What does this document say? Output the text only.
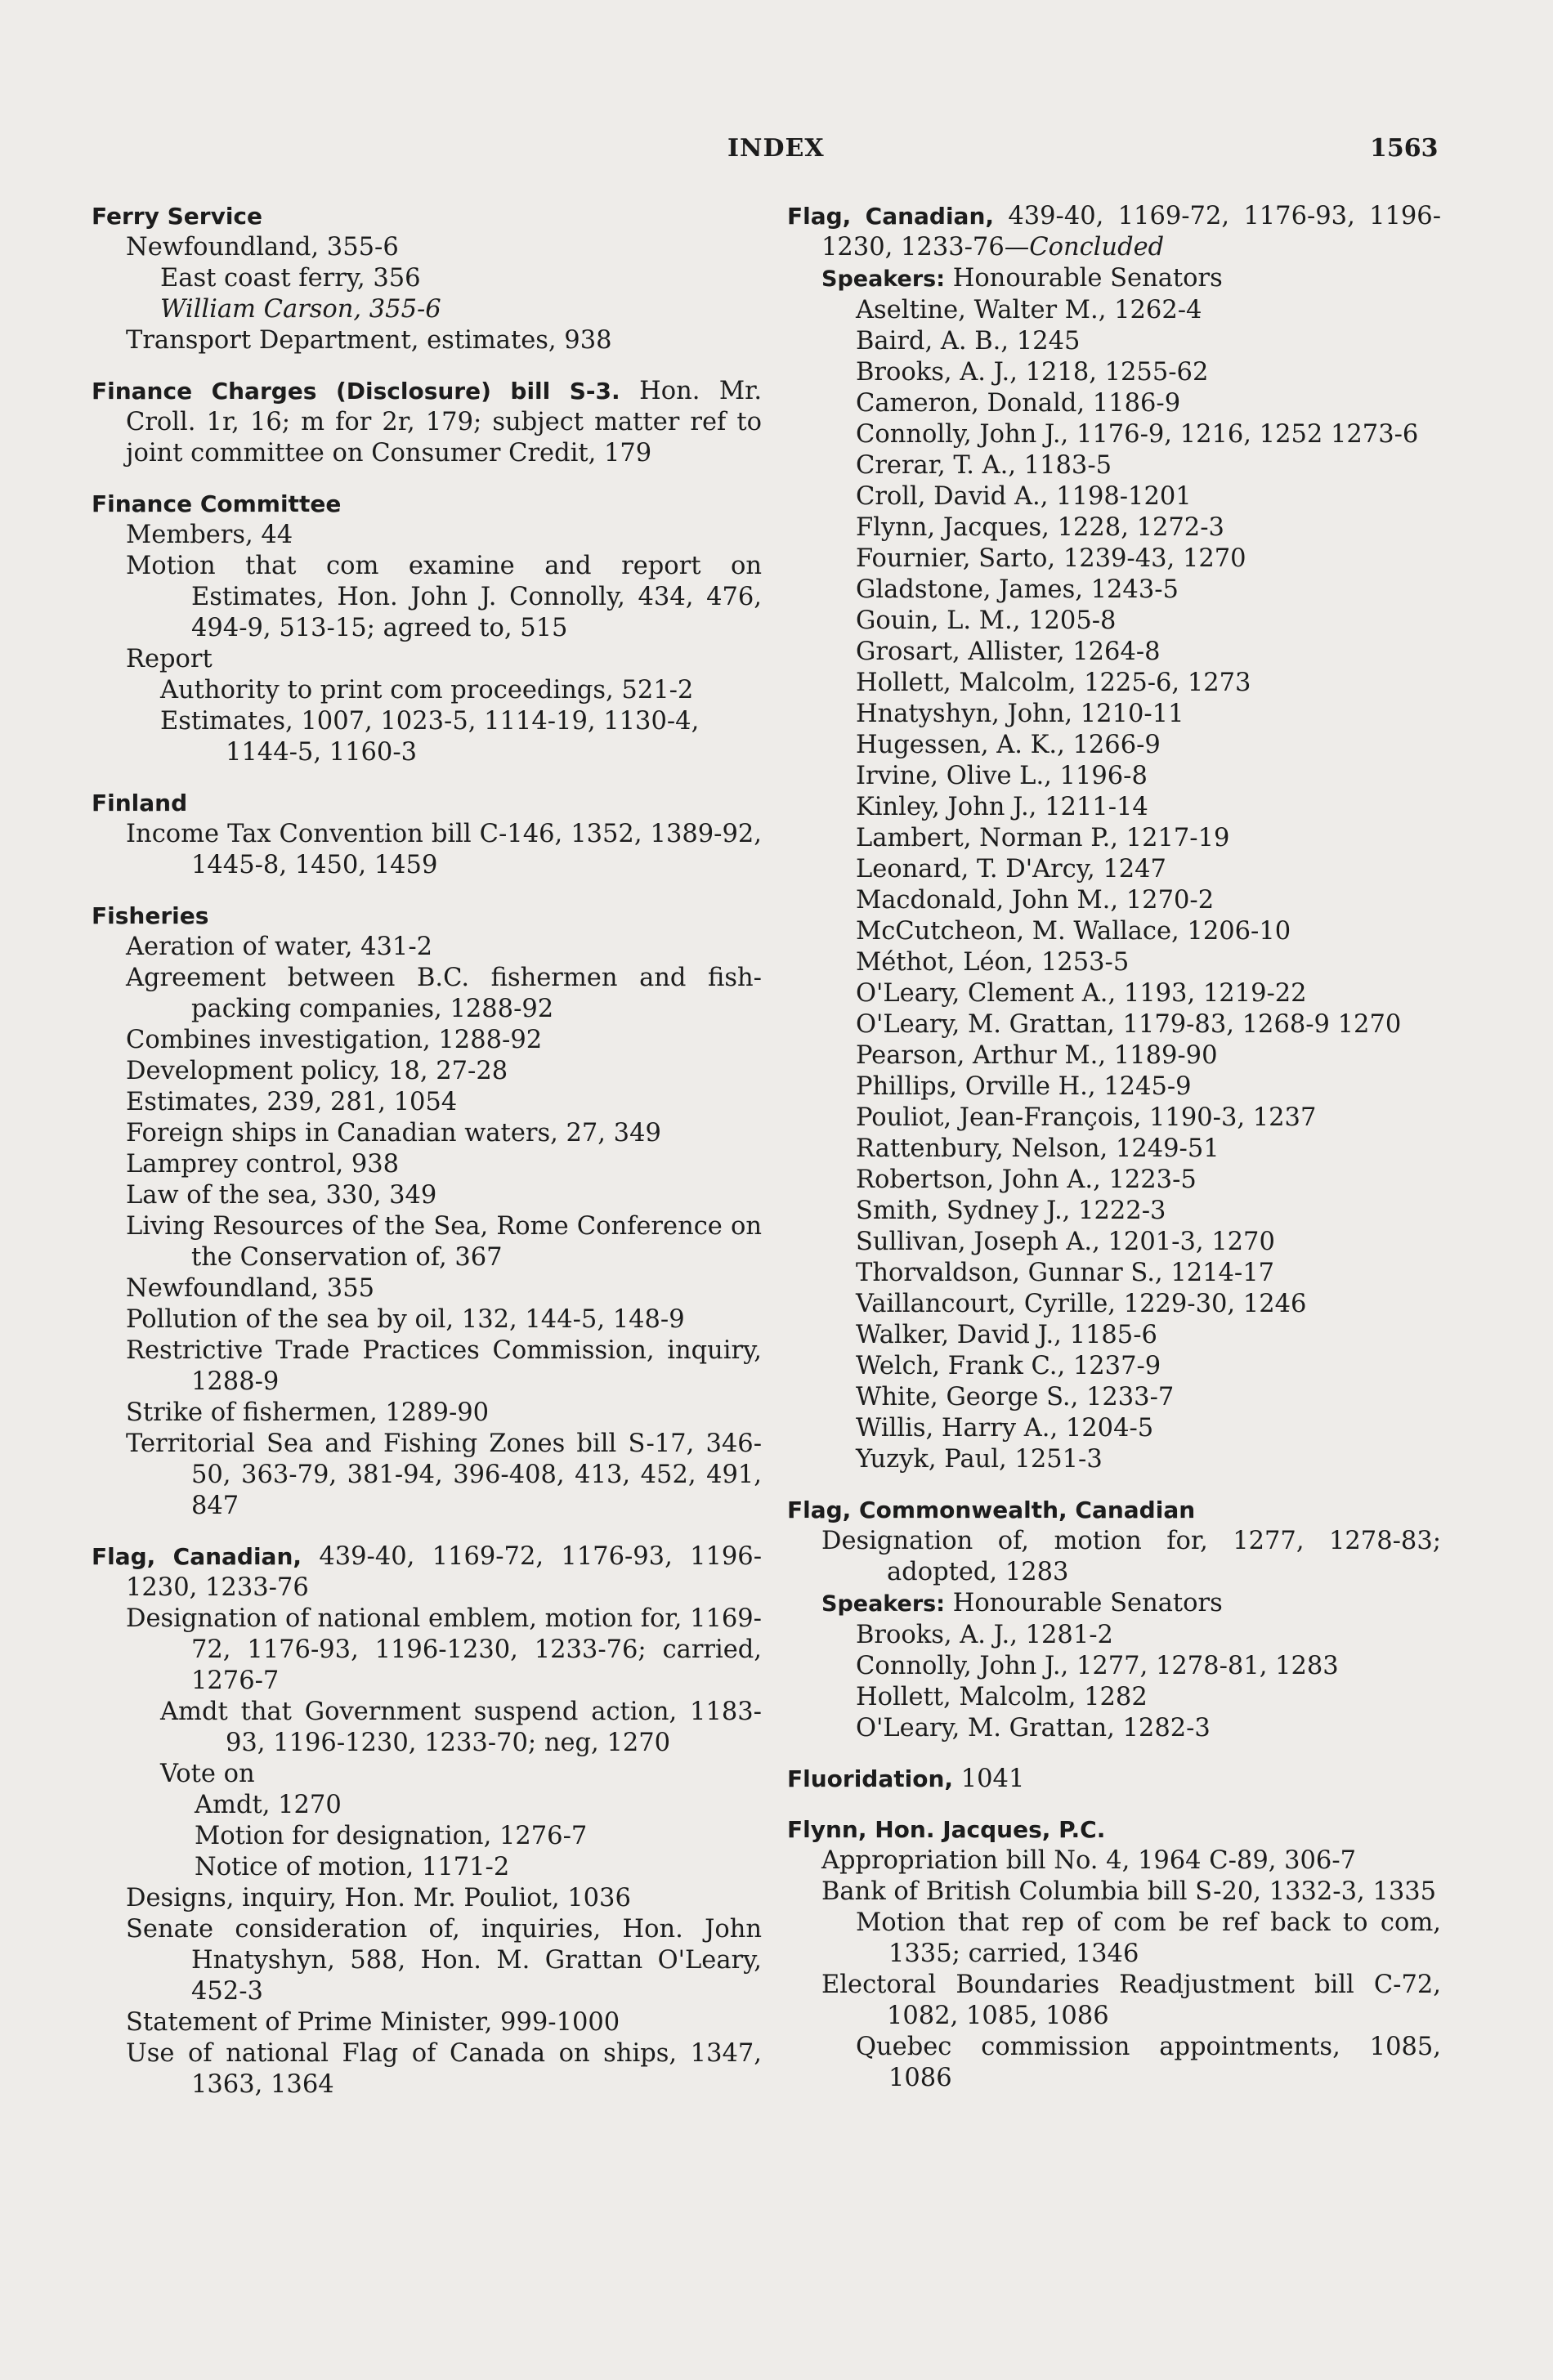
INDEX	1563
Ferry Service
Newfoundland, 355-6
East coast ferry, 356
William Carson, 355-6
Transport Department, estimates, 938
Finance Charges (Disclosure) bill S-3. Hon. Mr. Croll. 1r, 16; m for 2r, 179; subject matter ref to joint committee on Consumer Credit, 179
Finance Committee
Members, 44
Motion that com examine and report on Estimates, Hon. John J. Connolly, 434, 476, 494-9, 513-15; agreed to, 515
Report
Authority to print com proceedings, 521-2
Estimates, 1007, 1023-5, 1114-19, 1130-4, 1144-5, 1160-3
Finland
Income Tax Convention bill C-146, 1352, 1389-92, 1445-8, 1450, 1459
Fisheries
Aeration of water, 431-2
Agreement between B.C. fishermen and fish-packing companies, 1288-92
Combines investigation, 1288-92
Development policy, 18, 27-28
Estimates, 239, 281, 1054
Foreign ships in Canadian waters, 27, 349
Lamprey control, 938
Law of the sea, 330, 349
Living Resources of the Sea, Rome Conference on the Conservation of, 367
Newfoundland, 355
Pollution of the sea by oil, 132, 144-5, 148-9
Restrictive Trade Practices Commission, inquiry, 1288-9
Strike of fishermen, 1289-90
Territorial Sea and Fishing Zones bill S-17, 346-50, 363-79, 381-94, 396-408, 413, 452, 491, 847
Flag, Canadian, 439-40, 1169-72, 1176-93, 1196-1230, 1233-76
Designation of national emblem, motion for, 1169-72, 1176-93, 1196-1230, 1233-76; carried, 1276-7
Amdt that Government suspend action, 1183-93, 1196-1230, 1233-70; neg, 1270
Vote on
Amdt, 1270
Motion for designation, 1276-7
Notice of motion, 1171-2
Designs, inquiry, Hon. Mr. Pouliot, 1036
Senate consideration of, inquiries, Hon. John Hnatyshyn, 588, Hon. M. Grattan O'Leary, 452-3
Statement of Prime Minister, 999-1000
Use of national Flag of Canada on ships, 1347, 1363, 1364
Flag, Canadian, 439-40, 1169-72, 1176-93, 1196-1230, 1233-76—Concluded
Speakers: Honourable Senators
Aseltine, Walter M., 1262-4
Baird, A. B., 1245
Brooks, A. J., 1218, 1255-62
Cameron, Donald, 1186-9
Connolly, John J., 1176-9, 1216, 1252 1273-6
Crerar, T. A., 1183-5
Croll, David A., 1198-1201
Flynn, Jacques, 1228, 1272-3
Fournier, Sarto, 1239-43, 1270
Gladstone, James, 1243-5
Gouin, L. M., 1205-8
Grosart, Allister, 1264-8
Hollett, Malcolm, 1225-6, 1273
Hnatyshyn, John, 1210-11
Hugessen, A. K., 1266-9
Irvine, Olive L., 1196-8
Kinley, John J., 1211-14
Lambert, Norman P., 1217-19
Leonard, T. D'Arcy, 1247
Macdonald, John M., 1270-2
McCutcheon, M. Wallace, 1206-10
Méthot, Léon, 1253-5
O'Leary, Clement A., 1193, 1219-22
O'Leary, M. Grattan, 1179-83, 1268-9 1270
Pearson, Arthur M., 1189-90
Phillips, Orville H., 1245-9
Pouliot, Jean-François, 1190-3, 1237
Rattenbury, Nelson, 1249-51
Robertson, John A., 1223-5
Smith, Sydney J., 1222-3
Sullivan, Joseph A., 1201-3, 1270
Thorvaldson, Gunnar S., 1214-17
Vaillancourt, Cyrille, 1229-30, 1246
Walker, David J., 1185-6
Welch, Frank C., 1237-9
White, George S., 1233-7
Willis, Harry A., 1204-5
Yuzyk, Paul, 1251-3
Flag, Commonwealth, Canadian
Designation of, motion for, 1277, 1278-83; adopted, 1283
Speakers: Honourable Senators
Brooks, A. J., 1281-2
Connolly, John J., 1277, 1278-81, 1283
Hollett, Malcolm, 1282
O'Leary, M. Grattan, 1282-3
Fluoridation, 1041
Flynn, Hon. Jacques, P.C.
Appropriation bill No. 4, 1964 C-89, 306-7
Bank of British Columbia bill S-20, 1332-3, 1335
Motion that rep of com be ref back to com, 1335; carried, 1346
Electoral Boundaries Readjustment bill C-72, 1082, 1085, 1086
Quebec commission appointments, 1085, 1086
